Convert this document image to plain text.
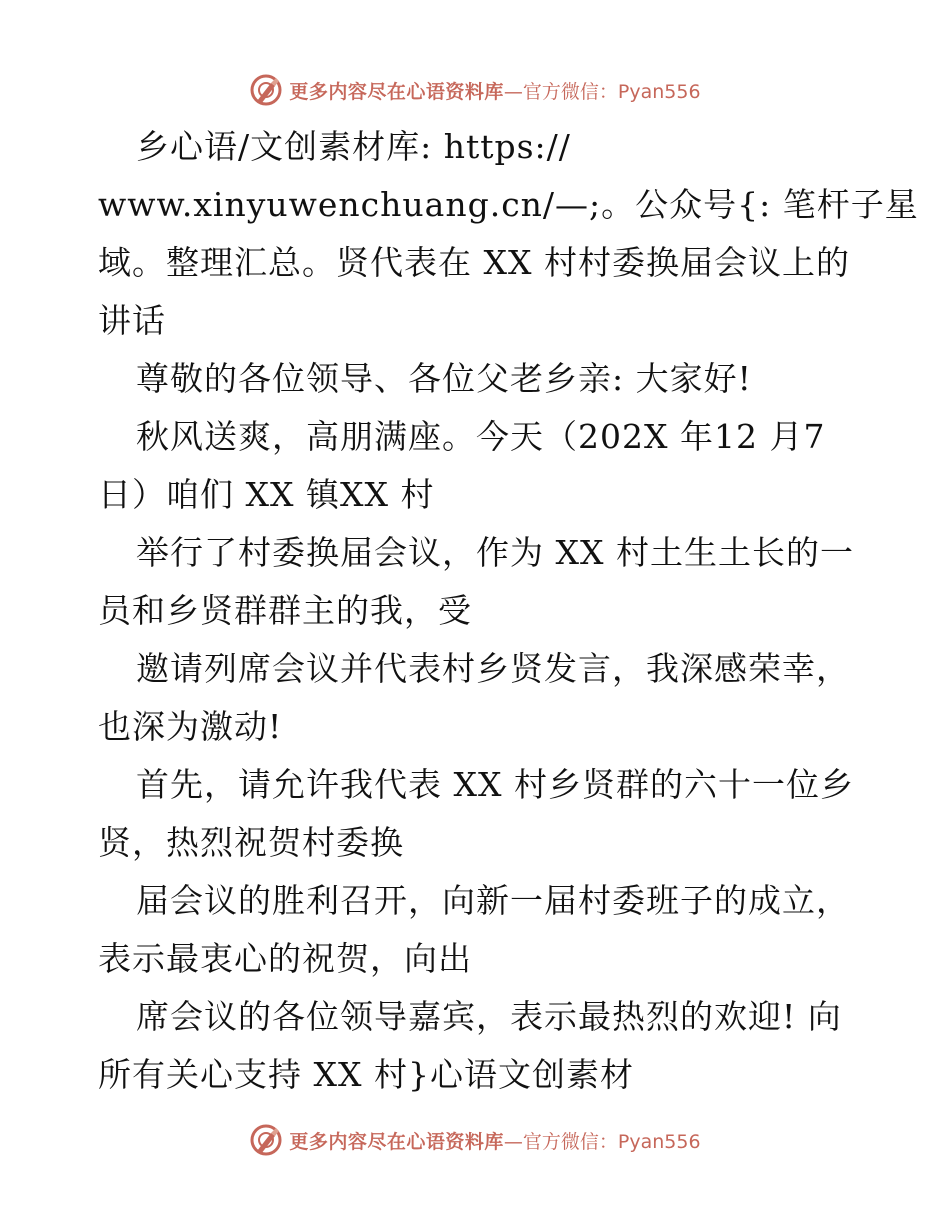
更多内容尽在心语资料库 —官方微信：Pyan556
乡心语/文创素材库: https://
www.xinyuwenchuang.cn/—;。公众号{: 笔杆子星
域。整理汇总。贤代表在 XX 村村委换届会议上的
讲话
尊敬的各位领导、各位父老乡亲: 大家好!
秋风送爽，高朋满座。今天（202X 年12 月7
日）咱们 XX 镇XX 村
举行了村委换届会议，作为 XX 村土生土长的一
员和乡贤群群主的我，受
邀请列席会议并代表村乡贤发言，我深感荣幸，
也深为激动!
首先，请允许我代表 XX 村乡贤群的六十一位乡
贤，热烈祝贺村委换
届会议的胜利召开，向新一届村委班子的成立，
表示最衷心的祝贺，向出
席会议的各位领导嘉宾，表示最热烈的欢迎! 向
所有关心支持 XX 村}心语文创素材
更多内容尽在心语资料库 —官方微信：Pyan556
